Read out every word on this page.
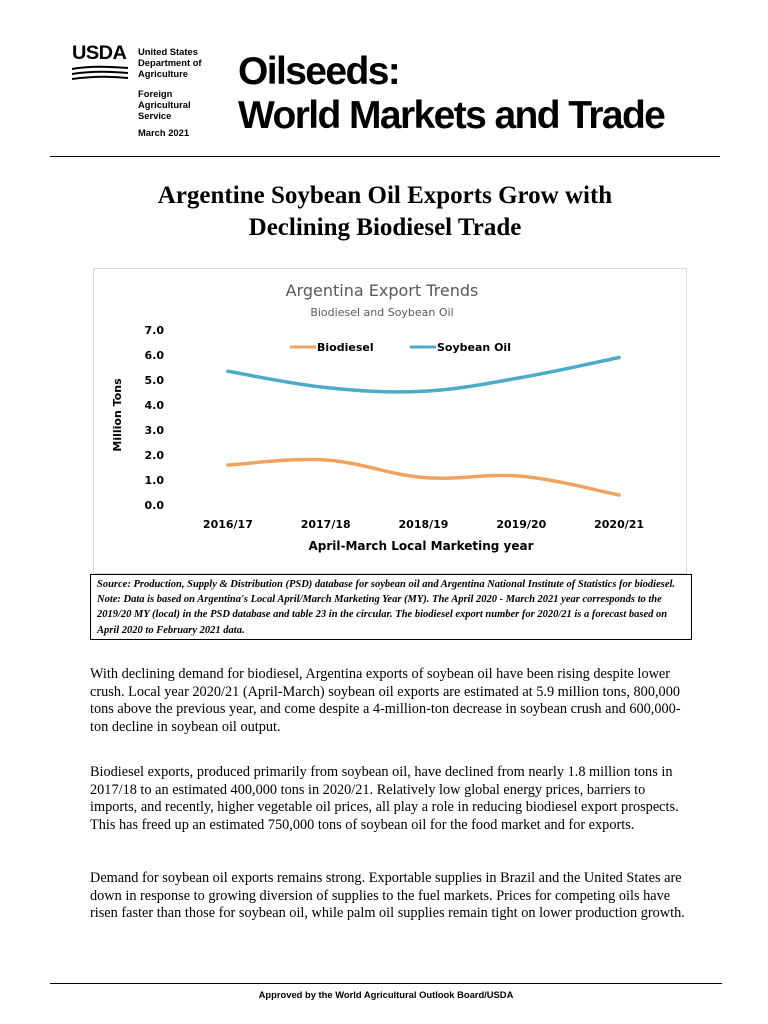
USDA	United States
Department of
Agriculture
Foreign
Agricultural
Service
March 2021
Oilseeds:
World Markets and Trade
Argentine Soybean Oil Exports Grow with
Declining Biodiesel Trade
Argentina Export Trends
Biodiesel and Soybean Oil
Million Tons
April-March Local Marketing year
0.0
1.0
2.0
3.0
4.0
5.0
6.0
7.0
2016/17	2017/18	2018/19	2019/20	2020/21
Biodiesel	Soybean Oil
Source: Production, Supply & Distribution (PSD) database for soybean oil and Argentina National Institute of Statistics for biodiesel. Note: Data is based on Argentina's Local April/March Marketing Year (MY). The April 2020 - March 2021 year corresponds to the 2019/20 MY (local) in the PSD database and table 23 in the circular. The biodiesel export number for 2020/21 is a forecast based on April 2020 to February 2021 data.

With declining demand for biodiesel, Argentina exports of soybean oil have been rising despite lower crush. Local year 2020/21 (April-March) soybean oil exports are estimated at 5.9 million tons, 800,000 tons above the previous year, and come despite a 4-million-ton decrease in soybean crush and 600,000-ton decline in soybean oil output.

Biodiesel exports, produced primarily from soybean oil, have declined from nearly 1.8 million tons in 2017/18 to an estimated 400,000 tons in 2020/21. Relatively low global energy prices, barriers to imports, and recently, higher vegetable oil prices, all play a role in reducing biodiesel export prospects. This has freed up an estimated 750,000 tons of soybean oil for the food market and for exports.

Demand for soybean oil exports remains strong. Exportable supplies in Brazil and the United States are down in response to growing diversion of supplies to the fuel markets. Prices for competing oils have risen faster than those for soybean oil, while palm oil supplies remain tight on lower production growth.

Approved by the World Agricultural Outlook Board/USDA
